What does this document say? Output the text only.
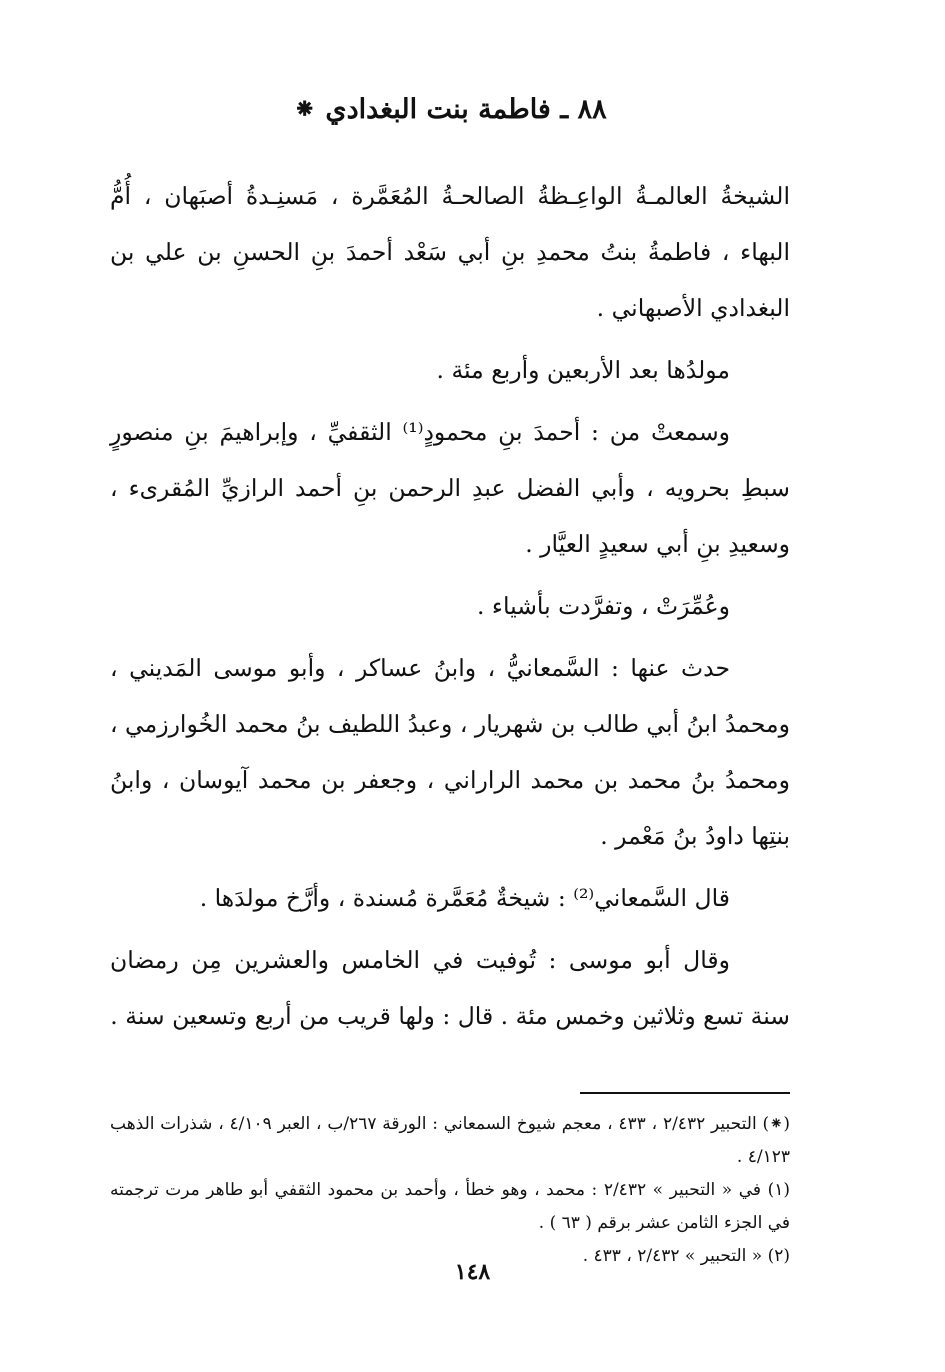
٨٨ ـ فاطمة بنت البغدادي ⁕

الشيخةُ العالمـةُ الواعِـظةُ الصالحـةُ المُعَمَّرة ، مَسنِـدةُ أصبَهان ، أُمُّ البهاء ، فاطمةُ بنتُ محمدِ بنِ أبي سَعْد أحمدَ بنِ الحسنِ بن علي بن البغدادي الأصبهاني .

مولدُها بعد الأربعين وأربع مئة .

وسمعتْ من : أحمدَ بنِ محمودٍ⁽¹⁾ الثقفيِّ ، وإبراهيمَ بنِ منصورٍ سبطِ بحرويه ، وأبي الفضل عبدِ الرحمن بنِ أحمد الرازيِّ المُقرىء ، وسعيدِ بنِ أبي سعيدٍ العيَّار .

وعُمِّرَتْ ، وتفرَّدت بأشياء .

حدث عنها : السَّمعانيُّ ، وابنُ عساكر ، وأبو موسى المَديني ، ومحمدُ ابنُ أبي طالب بن شهريار ، وعبدُ اللطيف بنُ محمد الخُوارزمي ، ومحمدُ بنُ محمد بن محمد الراراني ، وجعفر بن محمد آيوسان ، وابنُ بنتِها داودُ بنُ مَعْمر .

قال السَّمعاني⁽²⁾ : شيخةٌ مُعَمَّرة مُسندة ، وأرَّخ مولدَها .

وقال أبو موسى : تُوفيت في الخامس والعشرين مِن رمضان سنة تسع وثلاثين وخمس مئة . قال : ولها قريب من أربع وتسعين سنة .

(⁕) التحبير ٢/٤٣٢ ، ٤٣٣ ، معجم شيوخ السمعاني : الورقة ٢٦٧/ب ، العبر ٤/١٠٩ ، شذرات الذهب ٤/١٢٣ .

(١) في « التحبير » ٢/٤٣٢ : محمد ، وهو خطأ ، وأحمد بن محمود الثقفي أبو طاهر مرت ترجمته في الجزء الثامن عشر برقم ( ٦٣ ) .

(٢) « التحبير » ٢/٤٣٢ ، ٤٣٣ .

١٤٨
